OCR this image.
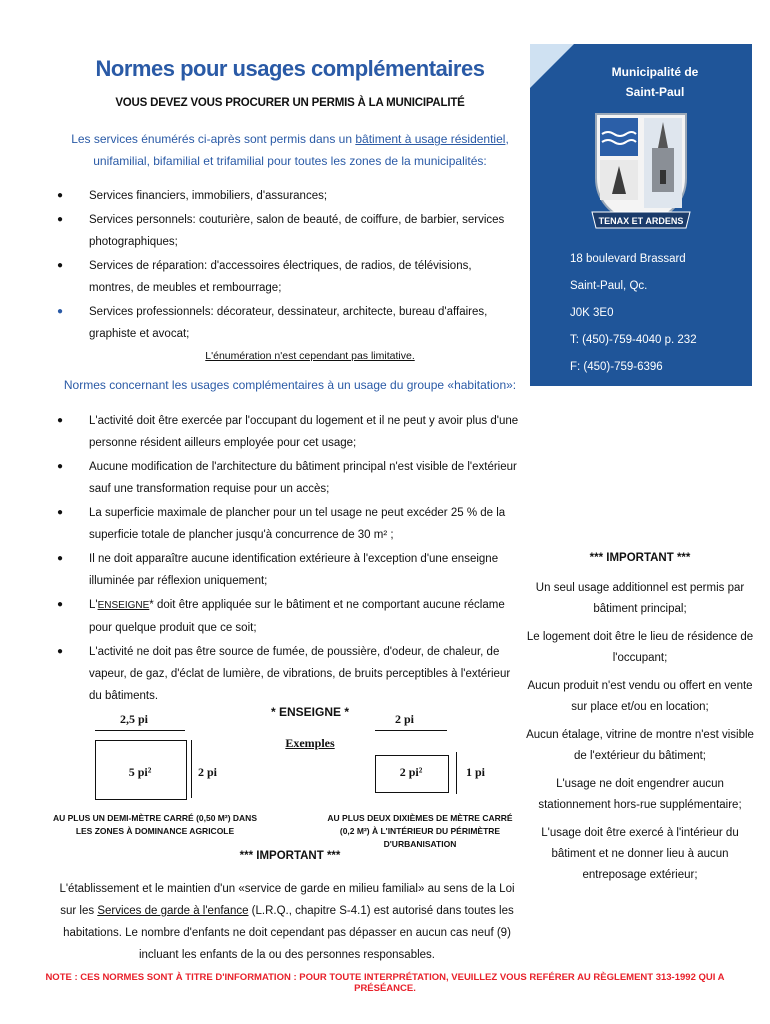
Normes pour usages complémentaires
VOUS DEVEZ VOUS PROCURER UN PERMIS À LA MUNICIPALITÉ
Les services énumérés ci-après sont permis dans un bâtiment à usage résidentiel, unifamilial, bifamilial et trifamilial pour toutes les zones de la municipalités:
● Services financiers, immobiliers, d'assurances;
● Services personnels: couturière, salon de beauté, de coiffure, de barbier, services photographiques;
● Services de réparation: d'accessoires électriques, de radios, de télévisions, montres, de meubles et rembourrage;
● Services professionnels: décorateur, dessinateur, architecte, bureau d'affaires, graphiste et avocat;
L'énumération n'est cependant pas limitative.
Normes concernant les usages complémentaires à un usage du groupe «habitation»:
● L'activité doit être exercée par l'occupant du logement et il ne peut y avoir plus d'une personne résident ailleurs employée pour cet usage;
● Aucune modification de l'architecture du bâtiment principal n'est visible de l'extérieur sauf une transformation requise pour un accès;
● La superficie maximale de plancher pour un tel usage ne peut excéder 25 % de la superficie totale de plancher jusqu'à concurrence de 30 m² ;
● Il ne doit apparaître aucune identification extérieure à l'exception d'une enseigne illuminée par réflexion uniquement;
● L'ENSEIGNE* doit être appliquée sur le bâtiment et ne comportant aucune réclame pour quelque produit que ce soit;
● L'activité ne doit pas être source de fumée, de poussière, d'odeur, de chaleur, de vapeur, de gaz, d'éclat de lumière, de vibrations, de bruits perceptibles à l'extérieur du bâtiments.
Municipalité de
Saint-Paul
TENAX ET ARDENS
18 boulevard Brassard
Saint-Paul, Qc.
J0K 3E0
T: (450)-759-4040 p. 232
F: (450)-759-6396
*** IMPORTANT ***

Un seul usage additionnel est permis par bâtiment principal;

Le logement doit être le lieu de résidence de l'occupant;

Aucun produit n'est vendu ou offert en vente sur place et/ou en location;

Aucun étalage, vitrine de montre n'est visible de l'extérieur du bâtiment;

L'usage ne doit engendrer aucun stationnement hors-rue supplémentaire;

L'usage doit être exercé à l'intérieur du bâtiment et ne donner lieu à aucun entreposage extérieur;

* ENSEIGNE *
Exemples
2,5 pi
5 pi²	2 pi
2 pi
2 pi²	1 pi
AU PLUS UN DEMI-MÈTRE CARRÉ (0,50 M²) DANS LES ZONES À DOMINANCE AGRICOLE
AU PLUS DEUX DIXIÈMES DE MÈTRE CARRÉ (0,2 M²) À L'INTÉRIEUR DU PÉRIMÈTRE D'URBANISATION
*** IMPORTANT ***
L'établissement et le maintien d'un «service de garde en milieu familial» au sens de la Loi sur les Services de garde à l'enfance (L.R.Q., chapitre S-4.1) est autorisé dans toutes les habitations. Le nombre d'enfants ne doit cependant pas dépasser en aucun cas neuf (9) incluant les enfants de la ou des personnes responsables.
NOTE : CES NORMES SONT À TITRE D'INFORMATION : POUR TOUTE INTERPRÉTATION, VEUILLEZ VOUS REFÉRER AU RÈGLEMENT 313-1992 QUI A PRÉSÉANCE.
